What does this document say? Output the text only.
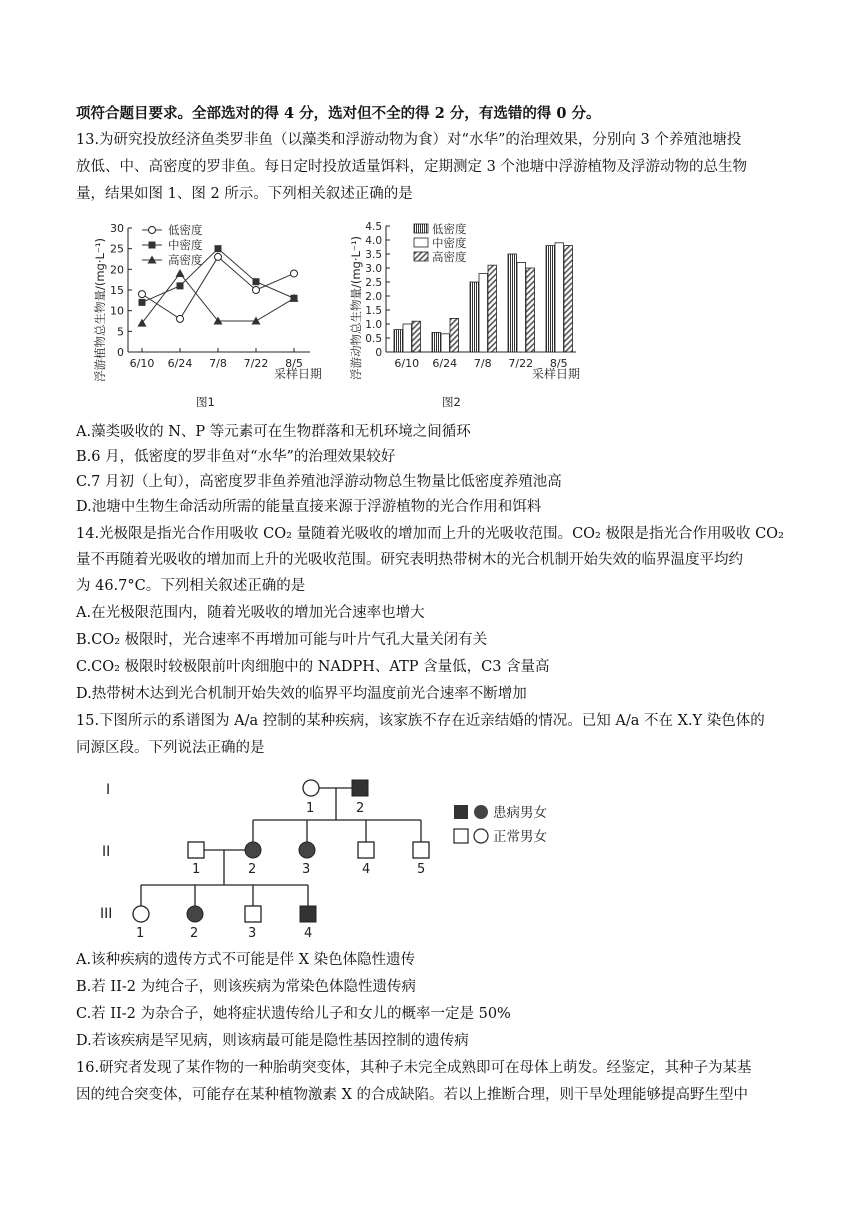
项符合题目要求。全部选对的得 4 分，选对但不全的得 2 分，有选错的得 0 分。
13.为研究投放经济鱼类罗非鱼（以藻类和浮游动物为食）对“水华”的治理效果，分别向 3 个养殖池塘投
放低、中、高密度的罗非鱼。每日定时投放适量饵料，定期测定 3 个池塘中浮游植物及浮游动物的总生物
量，结果如图 1、图 2 所示。下列相关叙述正确的是
浮游植物总生物量/(mg·L⁻¹) 0
5
10
15
20
25
30
6/10 6/24 7/8 7/22 8/5
低密度
中密度
高密度
采样日期
图1
浮游动物总生物量/(mg·L⁻¹) 0
0.5
1.0
1.5
2.0
2.5
3.0
3.5
4.0
4.5
6/10 6/24 7/8 7/22 8/5
低密度
中密度
高密度
采样日期
图2
A.藻类吸收的 N、P 等元素可在生物群落和无机环境之间循环
B.6 月，低密度的罗非鱼对“水华”的治理效果较好
C.7 月初（上旬），高密度罗非鱼养殖池浮游动物总生物量比低密度养殖池高
D.池塘中生物生命活动所需的能量直接来源于浮游植物的光合作用和饵料
14.光极限是指光合作用吸收 CO₂ 量随着光吸收的增加而上升的光吸收范围。CO₂ 极限是指光合作用吸收 CO₂
量不再随着光吸收的增加而上升的光吸收范围。研究表明热带树木的光合机制开始失效的临界温度平均约
为 46.7°C。下列相关叙述正确的是
A.在光极限范围内，随着光吸收的增加光合速率也增大
B.CO₂ 极限时，光合速率不再增加可能与叶片气孔大量关闭有关
C.CO₂ 极限时较极限前叶肉细胞中的 NADPH、ATP 含量低，C3 含量高
D.热带树木达到光合机制开始失效的临界平均温度前光合速率不断增加
15.下图所示的系谱图为 A/a 控制的某种疾病，该家族不存在近亲结婚的情况。已知 A/a 不在 X.Y 染色体的
同源区段。下列说法正确的是
I
II
III
1	2
1	2	3	4	5
1	2	3	4
患病男女
正常男女
A.该种疾病的遗传方式不可能是伴 X 染色体隐性遗传
B.若 II-2 为纯合子，则该疾病为常染色体隐性遗传病
C.若 II-2 为杂合子，她将症状遗传给儿子和女儿的概率一定是 50%
D.若该疾病是罕见病，则该病最可能是隐性基因控制的遗传病
16.研究者发现了某作物的一种胎萌突变体，其种子未完全成熟即可在母体上萌发。经鉴定，其种子为某基
因的纯合突变体，可能存在某种植物激素 X 的合成缺陷。若以上推断合理，则干旱处理能够提高野生型中
